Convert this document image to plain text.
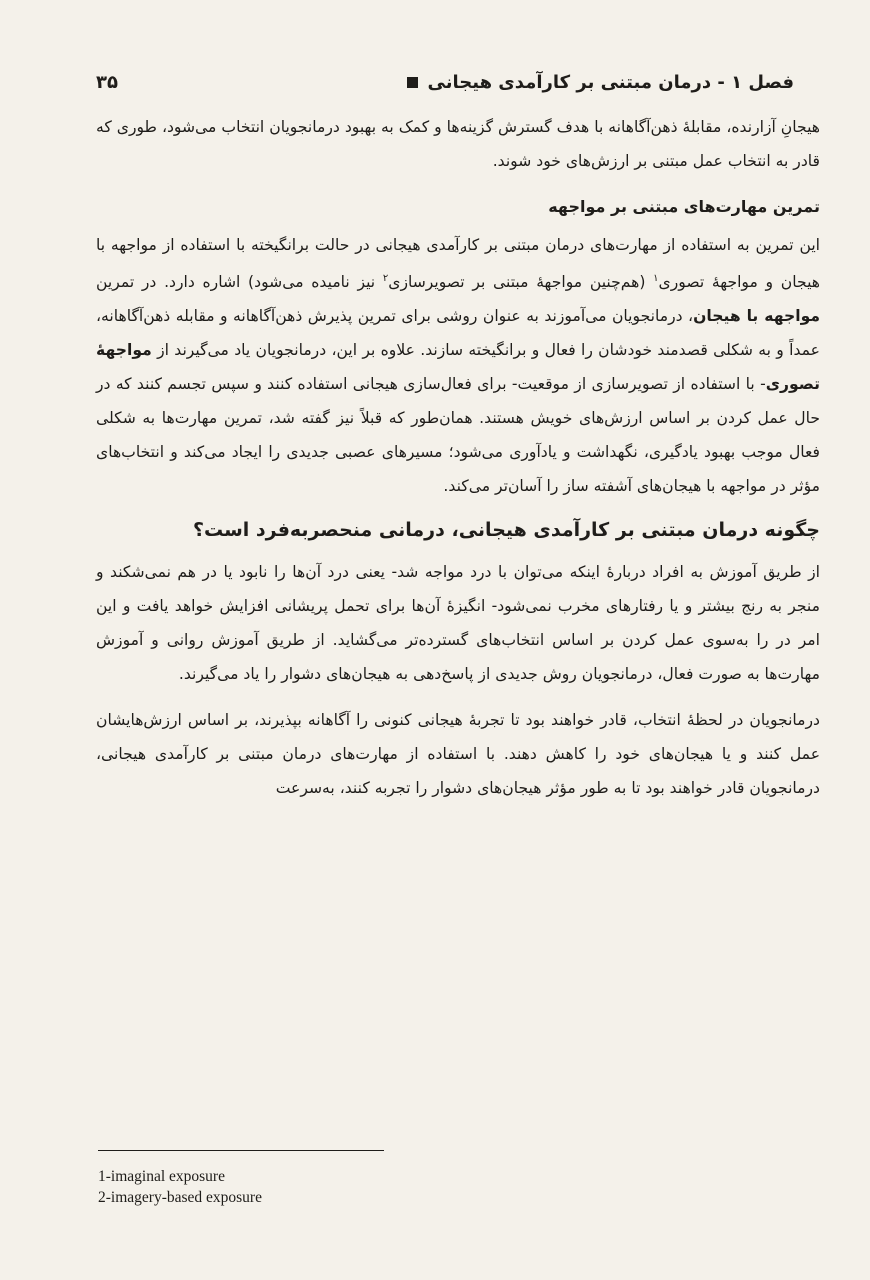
فصل ۱ - درمان مبتنی بر کارآمدی هیجانی
۳۵

هیجانِ آزارنده، مقابلهٔ ذهن‌آگاهانه با هدف گسترش گزینه‌ها و کمک به بهبود درمانجویان انتخاب می‌شود، طوری که قادر به انتخاب عمل مبتنی بر ارزش‌های خود شوند.

تمرین مهارت‌های مبتنی بر مواجهه

این تمرین به استفاده از مهارت‌های درمان مبتنی بر کارآمدی هیجانی در حالت برانگیخته با استفاده از مواجهه با هیجان و مواجههٔ تصوری$^۱$ (هم‌چنین مواجههٔ مبتنی بر تصویرسازی$^۲$ نیز نامیده می‌شود) اشاره دارد. در تمرین مواجهه با هیجان، درمانجویان می‌آموزند به عنوان روشی برای تمرین پذیرش ذهن‌آگاهانه و مقابله ذهن‌آگاهانه، عمداً و به شکلی قصدمند خودشان را فعال و برانگیخته سازند. علاوه بر این، درمانجویان یاد می‌گیرند از مواجههٔ تصوری- با استفاده از تصویرسازی از موقعیت- برای فعال‌سازی هیجانی استفاده کنند و سپس تجسم کنند که در حال عمل کردن بر اساس ارزش‌های خویش هستند. همان‌طور که قبلاً نیز گفته شد، تمرین مهارت‌ها به شکلی فعال موجب بهبود یادگیری، نگهداشت و یادآوری می‌شود؛ مسیرهای عصبی جدیدی را ایجاد می‌کند و انتخاب‌های مؤثر در مواجهه با هیجان‌های آشفته ساز را آسان‌تر می‌کند.

چگونه درمان مبتنی بر کارآمدی هیجانی، درمانی منحصربه‌فرد است؟

از طریق آموزش به افراد دربارهٔ اینکه می‌توان با درد مواجه شد- یعنی درد آن‌ها را نابود یا در هم نمی‌شکند و منجر به رنج بیشتر و یا رفتارهای مخرب نمی‌شود- انگیزهٔ آن‌ها برای تحمل پریشانی افزایش خواهد یافت و این امر در را به‌سوی عمل کردن بر اساس انتخاب‌های گسترده‌تر می‌گشاید. از طریق آموزش روانی و آموزش مهارت‌ها به صورت فعال، درمانجویان روش جدیدی از پاسخ‌دهی به هیجان‌های دشوار را یاد می‌گیرند.

درمانجویان در لحظهٔ انتخاب، قادر خواهند بود تا تجربهٔ هیجانی کنونی را آگاهانه بپذیرند، بر اساس ارزش‌هایشان عمل کنند و یا هیجان‌های خود را کاهش دهند. با استفاده از مهارت‌های درمان مبتنی بر کارآمدی هیجانی، درمانجویان قادر خواهند بود تا به طور مؤثر هیجان‌های دشوار را تجربه کنند، به‌سرعت

1-imaginal exposure
2-imagery-based exposure
